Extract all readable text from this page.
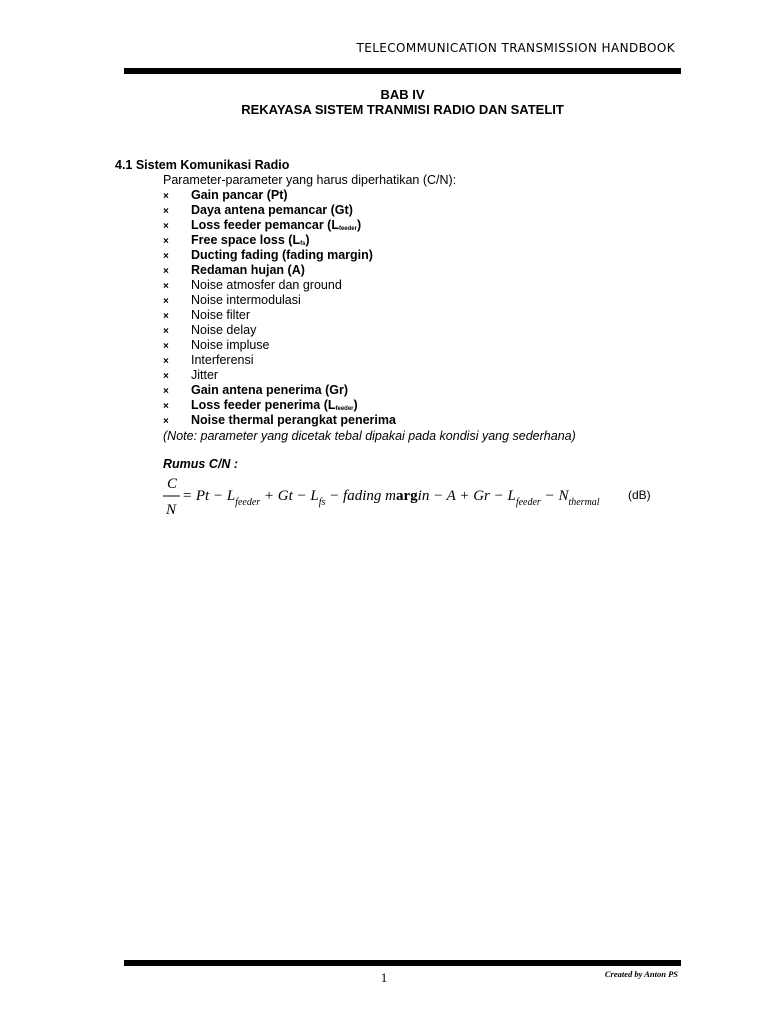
TELECOMMUNICATION TRANSMISSION HANDBOOK
BAB IV
REKAYASA SISTEM TRANMISI RADIO DAN SATELIT
4.1 Sistem Komunikasi Radio
Parameter-parameter yang harus diperhatikan (C/N):
× Gain pancar (Pt)
× Daya antena pemancar (Gt)
× Loss feeder pemancar (Lfeeder)
× Free space loss (Lfs)
× Ducting fading (fading margin)
× Redaman hujan (A)
× Noise atmosfer dan ground
× Noise intermodulasi
× Noise filter
× Noise delay
× Noise impluse
× Interferensi
× Jitter
× Gain antena penerima (Gr)
× Loss feeder penerima (Lfeeder)
× Noise thermal perangkat penerima
(Note: parameter yang dicetak tebal dipakai pada kondisi yang sederhana)
Rumus C/N :
C
N
= $Pt - L_{feeder} + Gt - L_{fs}$ − fading margin − $A + Gr - L_{feeder} - N_{thermal}$
(dB)
1	Created by Anton PS
